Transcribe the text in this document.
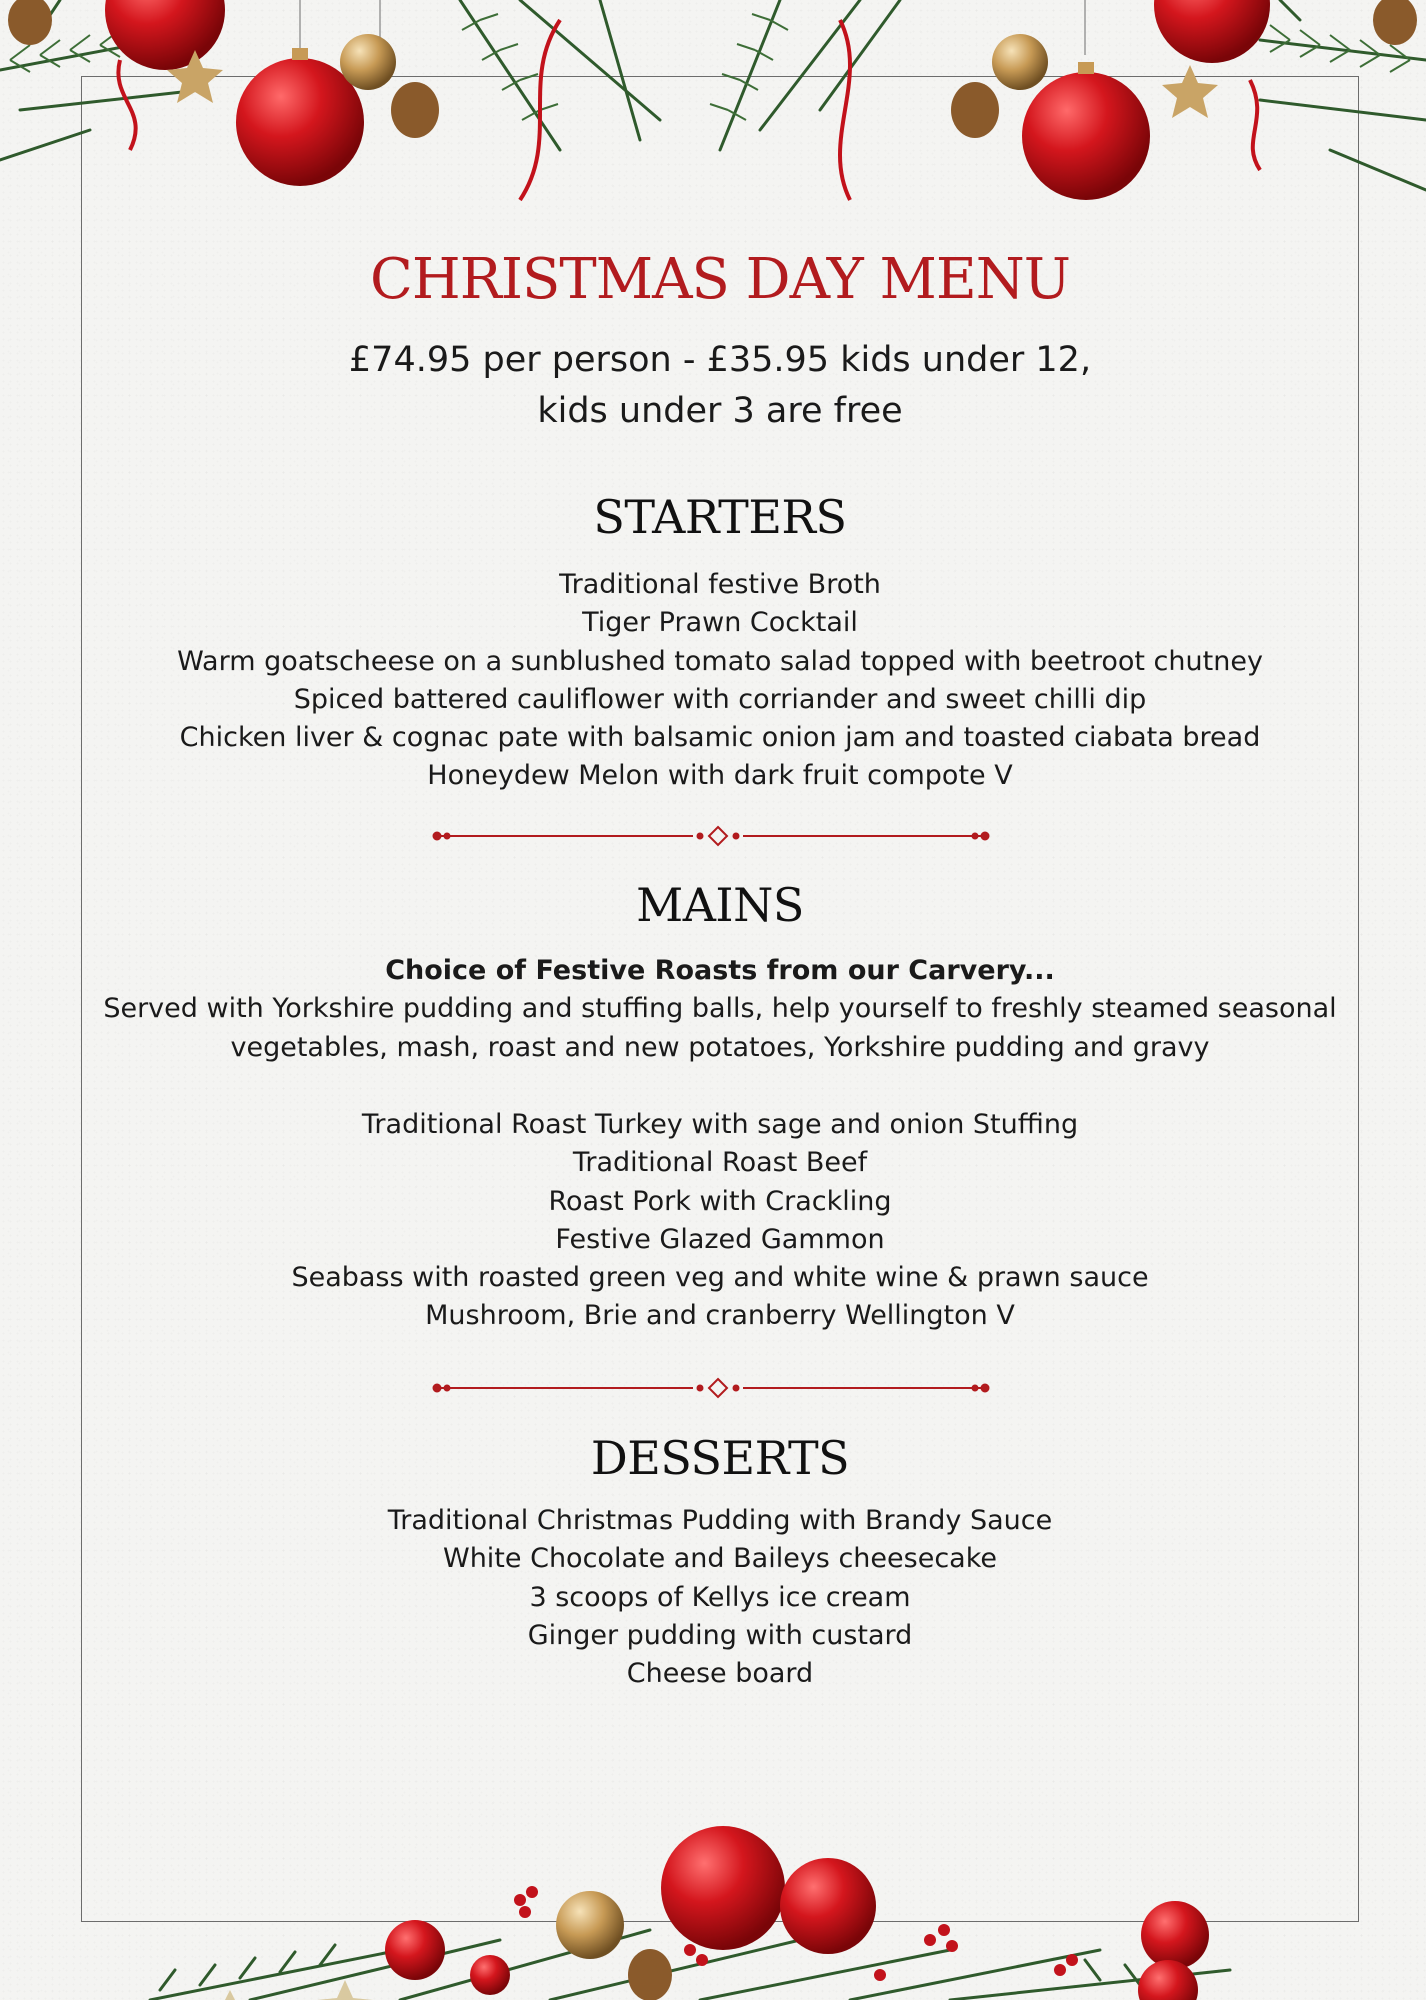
CHRISTMAS DAY MENU
£74.95 per person - £35.95 kids under 12,
kids under 3 are free
STARTERS
Traditional festive Broth
Tiger Prawn Cocktail
Warm goatscheese on a sunblushed tomato salad topped with beetroot chutney
Spiced battered cauliflower with corriander and sweet chilli dip
Chicken liver & cognac pate with balsamic onion jam and toasted ciabata bread
Honeydew Melon with dark fruit compote V
MAINS
Choice of Festive Roasts from our Carvery...
Served with Yorkshire pudding and stuffing balls, help yourself to freshly steamed seasonal
vegetables, mash, roast and new potatoes, Yorkshire pudding and gravy
Traditional Roast Turkey with sage and onion Stuffing
Traditional Roast Beef
Roast Pork with Crackling
Festive Glazed Gammon
Seabass with roasted green veg and white wine & prawn sauce
Mushroom, Brie and cranberry Wellington V
DESSERTS
Traditional Christmas Pudding with Brandy Sauce
White Chocolate and Baileys cheesecake
3 scoops of Kellys ice cream
Ginger pudding with custard
Cheese board
